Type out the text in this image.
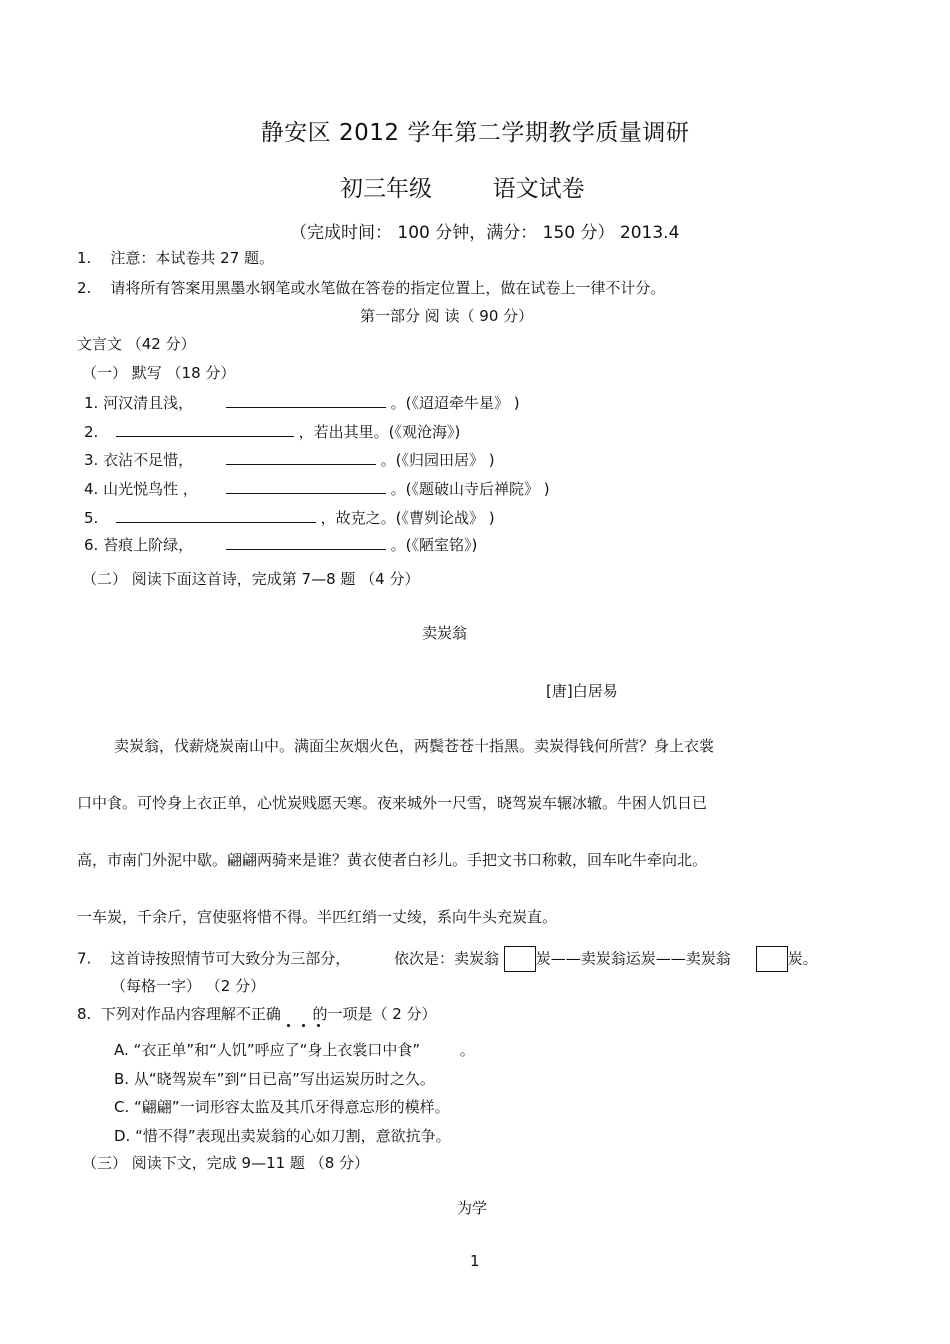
静安区 2012 学年第二学期教学质量调研
初三年级	语文试卷
（完成时间： 100 分钟，满分： 150 分） 2013.4
1. 注意：本试卷共 27 题。
2. 请将所有答案用黑墨水钢笔或水笔做在答卷的指定位置上，做在试卷上一律不计分。
第一部分 阅 读（ 90 分）
文言文 （42 分）
（一） 默写 （18 分）
1. 河汉清且浅，	。(《迢迢牵牛星》 )
2.	，若出其里。(《观沧海》)
3. 衣沾不足惜，	。(《归园田居》 )
4. 山光悦鸟性 ，	。(《题破山寺后禅院》 )
5.	，故克之。(《曹刿论战》 )
6. 苔痕上阶绿，	。(《陋室铭》)
（二） 阅读下面这首诗，完成第 7—8 题 （4 分）
卖炭翁
[唐]白居易
卖炭翁，伐薪烧炭南山中。满面尘灰烟火色，两鬓苍苍十指黑。卖炭得钱何所营？身上衣裳
口中食。可怜身上衣正单，心忧炭贱愿天寒。夜来城外一尺雪，晓驾炭车辗冰辙。牛困人饥日已
高，市南门外泥中歇。翩翩两骑来是谁？黄衣使者白衫儿。手把文书口称敕，回车叱牛牵向北。
一车炭，千余斤，宫使驱将惜不得。半匹红绡一丈绫，系向牛头充炭直。
7. 这首诗按照情节可大致分为三部分，	依次是：卖炭翁 炭——卖炭翁运炭——卖炭翁	炭。
（每格一字） （2 分）
8. 下列对作品内容理解不正确 的一项是（ 2 分）
A. “衣正单”和“人饥”呼应了“身上衣裳口中食”	。
B. 从“晓驾炭车”到“日已高”写出运炭历时之久。
C. “翩翩”一词形容太监及其爪牙得意忘形的模样。
D. “惜不得”表现出卖炭翁的心如刀割，意欲抗争。
（三） 阅读下文，完成 9—11 题 （8 分）
为学
1
